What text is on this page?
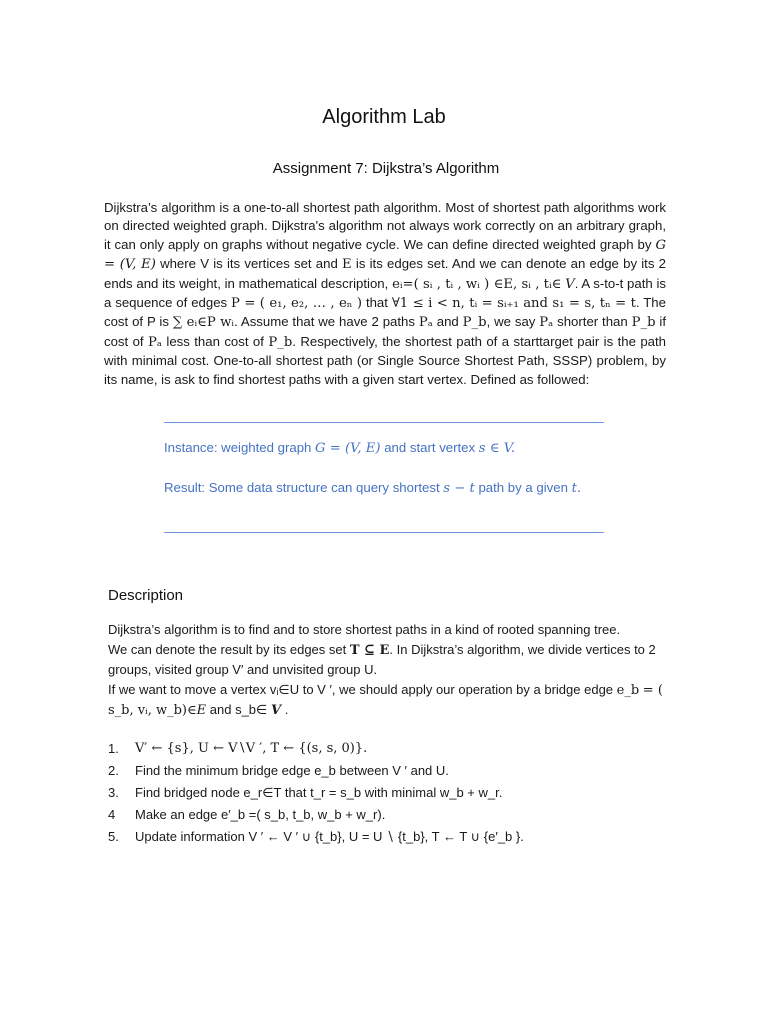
Algorithm Lab
Assignment 7: Dijkstra’s Algorithm

Dijkstra’s algorithm is a one-to-all shortest path algorithm. Most of shortest path algorithms work on directed weighted graph. Dijkstra's algorithm not always work correctly on an arbitrary graph, it can only apply on graphs without negative cycle. We can define directed weighted graph by G = (V, E) where V is its vertices set and E is its edges set. And we can denote an edge by its 2 ends and its weight, in mathematical description, eᵢ=( sᵢ , tᵢ , wᵢ ) ∈E, sᵢ , tᵢ∈ V. A s-to-t path is a sequence of edges P = ( e₁, e₂, … , eₙ ) that ∀1 ≤ i < n, tᵢ = sᵢ₊₁ and s₁ = s, tₙ = t. The cost of P is ∑ eᵢ∈P wᵢ. Assume that we have 2 paths Pₐ and P_b, we say Pₐ shorter than P_b if cost of Pₐ less than cost of P_b. Respectively, the shortest path of a starttarget pair is the path with minimal cost. One-to-all shortest path (or Single Source Shortest Path, SSSP) problem, by its name, is ask to find shortest paths with a given start vertex. Defined as followed:

Instance: weighted graph G = (V, E) and start vertex s ∈ V.
Result: Some data structure can query shortest s − t path by a given t.
Description

Dijkstra’s algorithm is to find and to store shortest paths in a kind of rooted spanning tree.

We can denote the result by its edges set T ⊆ E. In Dijkstra’s algorithm, we divide vertices to 2 groups, visited group V′ and unvisited group U.

If we want to move a vertex vᵢ∈U to V ′, we should apply our operation by a bridge edge e_b = ( s_b, vᵢ, w_b)∈E and s_b∈ V .

1.	V′ ← {s}, U ← V∖V ′, T ← {(s, s, 0)}.
2.	Find the minimum bridge edge e_b between V ′ and U.
3.	Find bridged node e_r∈T that t_r = s_b with minimal w_b + w_r.
4	Make an edge e′_b =( s_b, t_b, w_b + w_r).
5.	Update information V ′ ← V ′ ∪ {t_b}, U = U ∖ {t_b}, T ← T ∪ {e′_b }.
